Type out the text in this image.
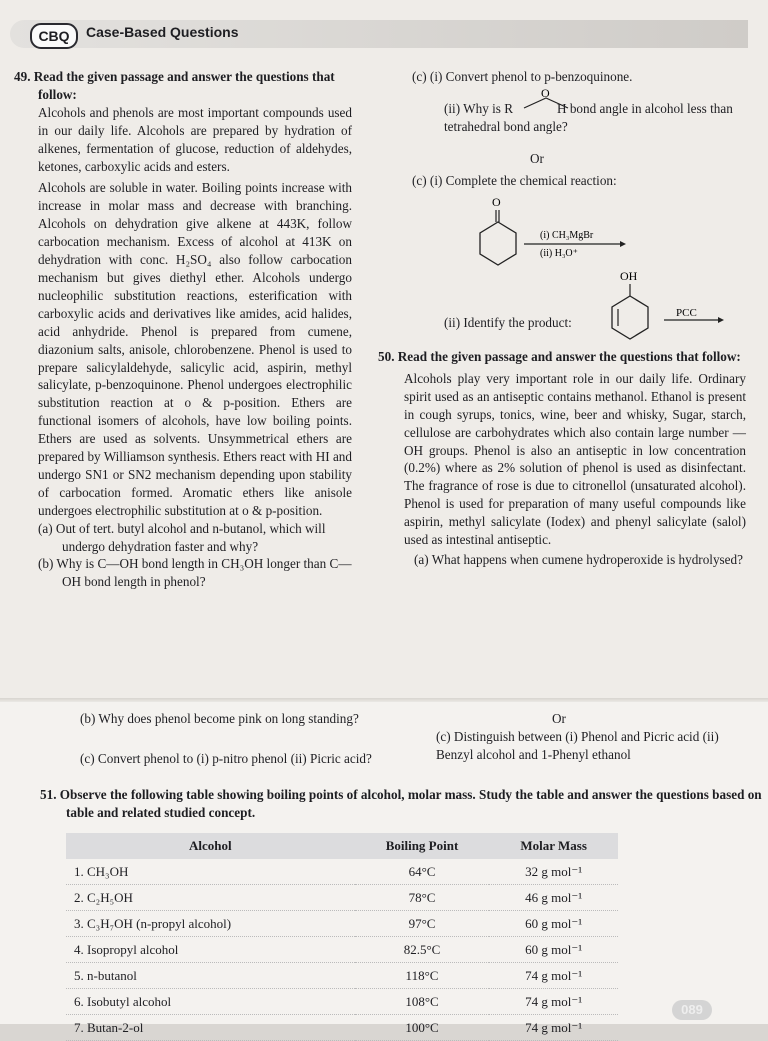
CBQ	Case-Based Questions

49. Read the given passage and answer the questions that follow:

Alcohols and phenols are most important compounds used in our daily life. Alcohols are prepared by hydration of alkenes, fermentation of glucose, reduction of aldehydes, ketones, carboxylic acids and esters.

Alcohols are soluble in water. Boiling points increase with increase in molar mass and decrease with branching. Alcohols on dehydration give alkene at 443K, follow carbocation mechanism. Excess of alcohol at 413K on dehydration with conc. H₂SO₄ also follow carbocation mechanism but gives diethyl ether. Alcohols undergo nucleophilic substitution reactions, esterification with carboxylic acids and derivatives like amides, acid halides, acid anhydride. Phenol is prepared from cumene, diazonium salts, anisole, chlorobenzene. Phenol is used to prepare salicylaldehyde, salicylic acid, aspirin, methyl salicylate, p-benzoquinone. Phenol undergoes electrophilic substitution reaction at o & p-position. Ethers are functional isomers of alcohols, have low boiling points. Ethers are used as solvents. Unsymmetrical ethers are prepared by Williamson synthesis. Ethers react with HI and undergo SN1 or SN2 mechanism depending upon stability of carbocation formed. Aromatic ethers like anisole undergoes electrophilic substitution at o & p-position.

(a) Out of tert. butyl alcohol and n-butanol, which will undergo dehydration faster and why?

(b) Why is C—OH bond length in CH₃OH longer than C—OH bond length in phenol?

(c) (i) Convert phenol to p-benzoquinone.

(ii) Why is R	H bond angle in alcohol less than tetrahedral bond angle?

O
Or
(c) (i) Complete the chemical reaction:
O
(i) CH₃MgBr
(ii) H₃O⁺
OH
PCC
(ii) Identify the product:

50. Read the given passage and answer the questions that follow:

Alcohols play very important role in our daily life. Ordinary spirit used as an antiseptic contains methanol. Ethanol is present in cough syrups, tonics, wine, beer and whisky, Sugar, starch, cellulose are carbohydrates which also contain large number —OH groups. Phenol is also an antiseptic in low concentration (0.2%) where as 2% solution of phenol is used as disinfectant. The fragrance of rose is due to citronellol (unsaturated alcohol). Phenol is used for preparation of many useful compounds like aspirin, methyl salicylate (Iodex) and phenyl salicylate (salol) used as intestinal antiseptic.

(a) What happens when cumene hydroperoxide is hydrolysed?

(b) Why does phenol become pink on long standing?
(c) Convert phenol to (i) p-nitro phenol (ii) Picric acid?
Or
(c) Distinguish between (i) Phenol and Picric acid (ii) Benzyl alcohol and 1-Phenyl ethanol
51. Observe the following table showing boiling points of alcohol, molar mass. Study the table and answer the questions based on table and related studied concept.
Alcohol	Boiling Point	Molar Mass
1. CH₃OH	64°C	32 g mol⁻¹
2. C₂H₅OH	78°C	46 g mol⁻¹
3. C₃H₇OH (n-propyl alcohol)	97°C	60 g mol⁻¹
4. Isopropyl alcohol	82.5°C	60 g mol⁻¹
5. n-butanol	118°C	74 g mol⁻¹
6. Isobutyl alcohol	108°C	74 g mol⁻¹
7. Butan-2-ol	100°C	74 g mol⁻¹
089
